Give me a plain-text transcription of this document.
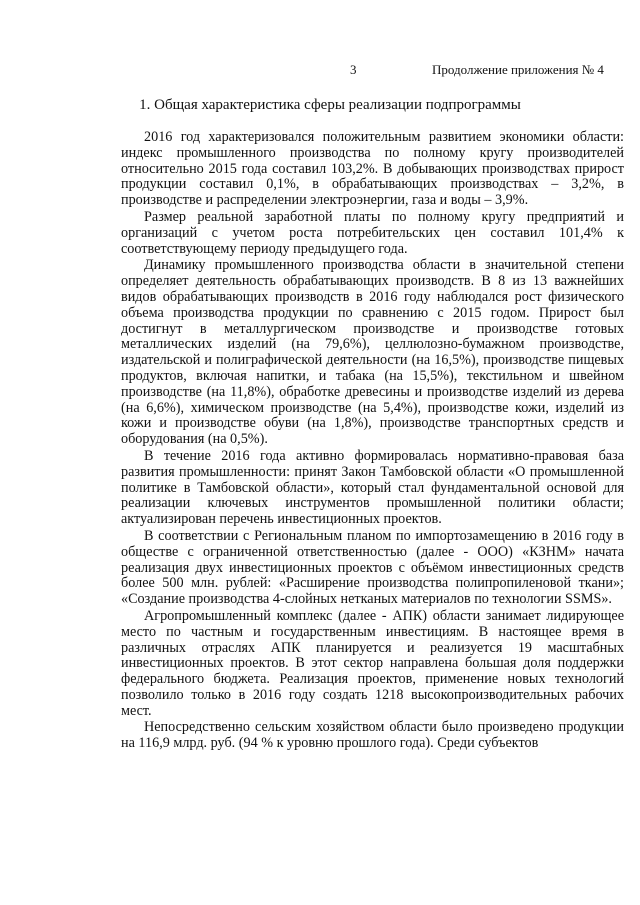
3	Продолжение приложения № 4
1. Общая характеристика сферы реализации подпрограммы

2016 год характеризовался положительным развитием экономики области: индекс промышленного производства по полному кругу производителей относительно 2015 года составил 103,2%. В добывающих производствах прирост продукции составил 0,1%, в обрабатывающих производствах – 3,2%, в производстве и распределении электроэнергии, газа и воды – 3,9%.

Размер реальной заработной платы по полному кругу предприятий и организаций с учетом роста потребительских цен составил 101,4% к соответствующему периоду предыдущего года.

Динамику промышленного производства области в значительной степени определяет деятельность обрабатывающих производств. В 8 из 13 важнейших видов обрабатывающих производств в 2016 году наблюдался рост физического объема производства продукции по сравнению с 2015 годом. Прирост был достигнут в металлургическом производстве и производстве готовых металлических изделий (на 79,6%), целлюлозно-бумажном производстве, издательской и полиграфической деятельности (на 16,5%), производстве пищевых продуктов, включая напитки, и табака (на 15,5%), текстильном и швейном производстве (на 11,8%), обработке древесины и производстве изделий из дерева (на 6,6%), химическом производстве (на 5,4%), производстве кожи, изделий из кожи и производстве обуви (на 1,8%), производстве транспортных средств и оборудования (на 0,5%).

В течение 2016 года активно формировалась нормативно-правовая база развития промышленности: принят Закон Тамбовской области «О промышленной политике в Тамбовской области», который стал фундаментальной основой для реализации ключевых инструментов промышленной политики области; актуализирован перечень инвестиционных проектов.

В соответствии с Региональным планом по импортозамещению в 2016 году в обществе с ограниченной ответственностью (далее - ООО) «КЗНМ» начата реализация двух инвестиционных проектов с объёмом инвестиционных средств более 500 млн. рублей: «Расширение производства полипропиленовой ткани»; «Создание производства 4-слойных нетканых материалов по технологии SSMS».

Агропромышленный комплекс (далее - АПК) области занимает лидирующее место по частным и государственным инвестициям. В настоящее время в различных отраслях АПК планируется и реализуется 19 масштабных инвестиционных проектов. В этот сектор направлена большая доля поддержки федерального бюджета. Реализация проектов, применение новых технологий позволило только в 2016 году создать 1218 высокопроизводительных рабочих мест.

Непосредственно сельским хозяйством области было произведено продукции на 116,9 млрд. руб. (94 % к уровню прошлого года). Среди субъектов
